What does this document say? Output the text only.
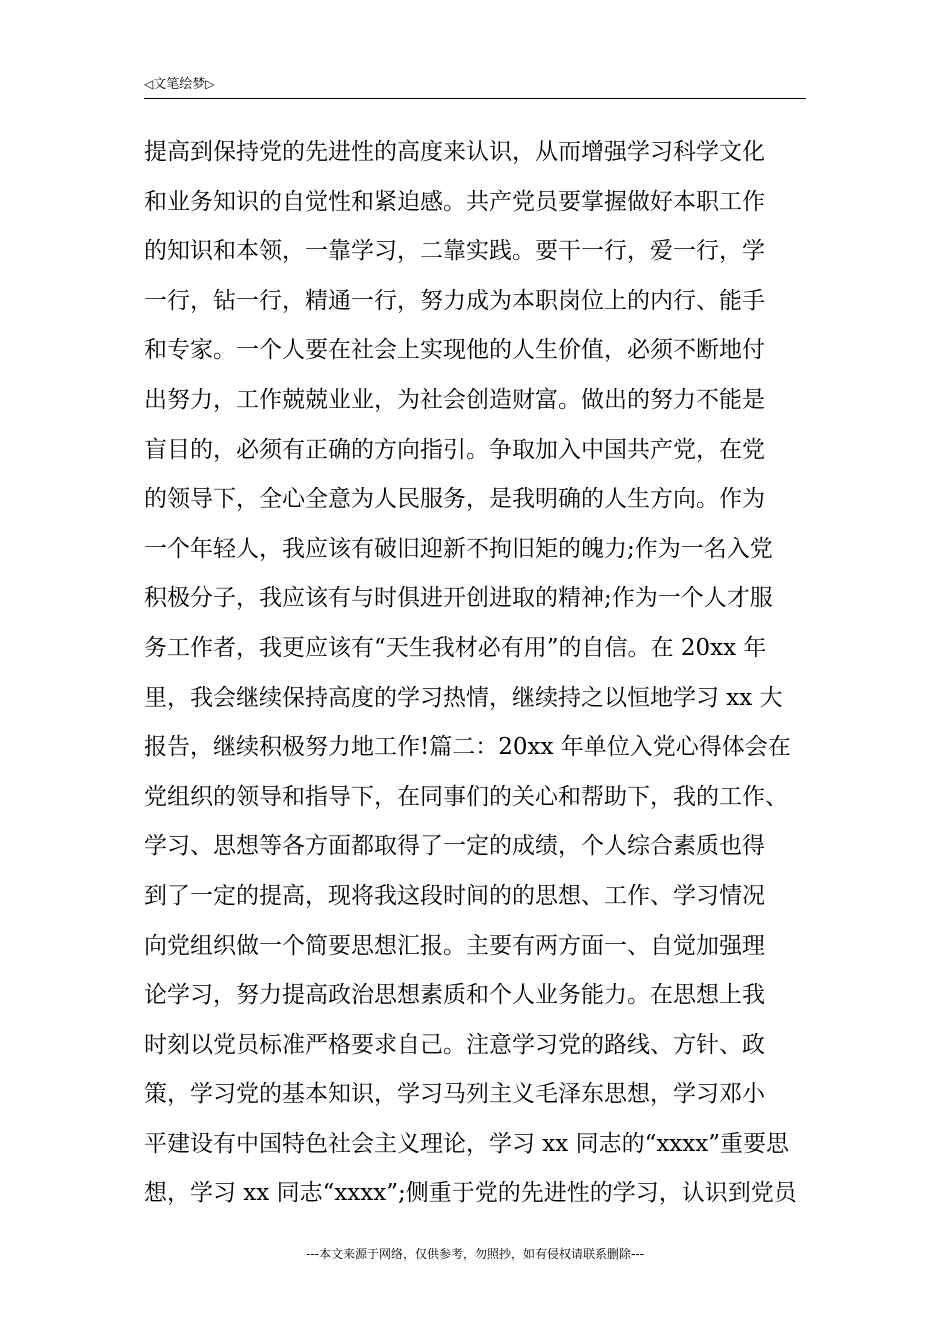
◁文笔绘梦▷
提高到保持党的先进性的高度来认识，从而增强学习科学文化
和业务知识的自觉性和紧迫感。共产党员要掌握做好本职工作
的知识和本领，一靠学习，二靠实践。要干一行，爱一行，学
一行，钻一行，精通一行，努力成为本职岗位上的内行、能手
和专家。一个人要在社会上实现他的人生价值，必须不断地付
出努力，工作兢兢业业，为社会创造财富。做出的努力不能是
盲目的，必须有正确的方向指引。争取加入中国共产党，在党
的领导下，全心全意为人民服务，是我明确的人生方向。作为
一个年轻人，我应该有破旧迎新不拘旧矩的魄力;作为一名入党
积极分子，我应该有与时俱进开创进取的精神;作为一个人才服
务工作者，我更应该有“天生我材必有用”的自信。在 20xx 年
里，我会继续保持高度的学习热情，继续持之以恒地学习 xx 大
报告，继续积极努力地工作!篇二：20xx 年单位入党心得体会在
党组织的领导和指导下，在同事们的关心和帮助下，我的工作、
学习、思想等各方面都取得了一定的成绩，个人综合素质也得
到了一定的提高，现将我这段时间的的思想、工作、学习情况
向党组织做一个简要思想汇报。主要有两方面一、自觉加强理
论学习，努力提高政治思想素质和个人业务能力。在思想上我
时刻以党员标准严格要求自己。注意学习党的路线、方针、政
策，学习党的基本知识，学习马列主义毛泽东思想，学习邓小
平建设有中国特色社会主义理论，学习 xx 同志的“xxxx”重要思
想，学习 xx 同志“xxxx”;侧重于党的先进性的学习，认识到党员
---本文来源于网络，仅供参考，勿照抄，如有侵权请联系删除---
